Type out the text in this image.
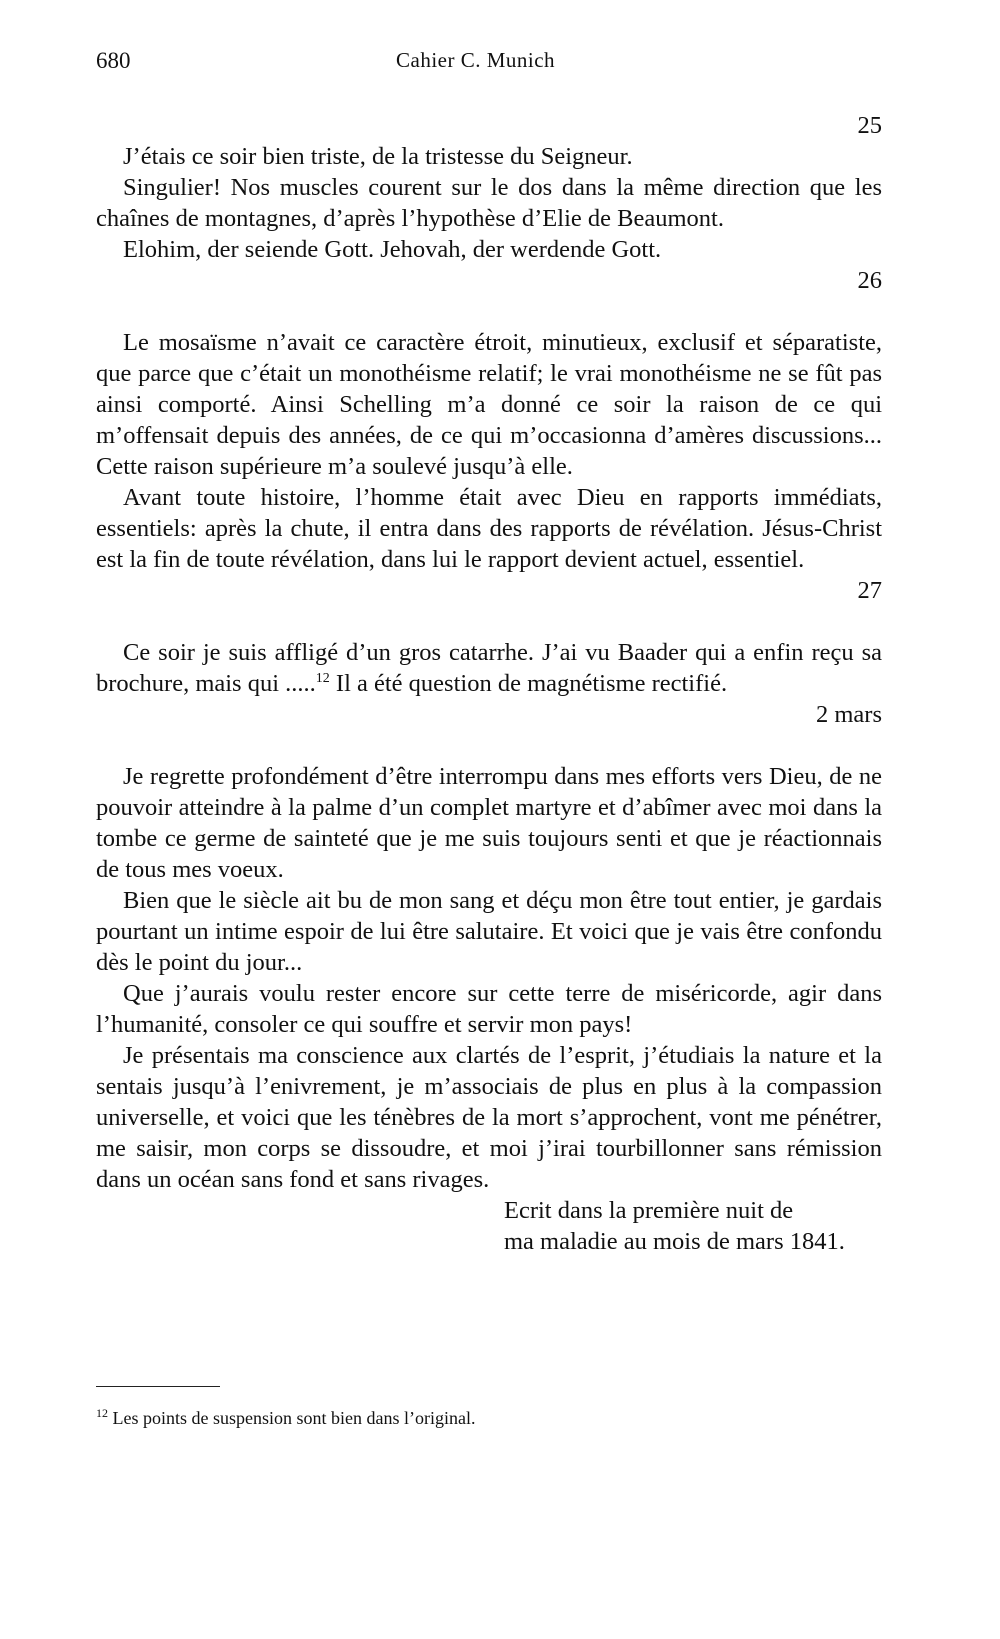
680	Cahier C. Munich
25

J’étais ce soir bien triste, de la tristesse du Seigneur.

Singulier! Nos muscles courent sur le dos dans la même direction que les chaînes de montagnes, d’après l’hypothèse d’Elie de Beaumont.

Elohim, der seiende Gott. Jehovah, der werdende Gott.

26

Le mosaïsme n’avait ce caractère étroit, minutieux, exclusif et séparatiste, que parce que c’était un monothéisme relatif; le vrai monothéisme ne se fût pas ainsi comporté. Ainsi Schelling m’a donné ce soir la raison de ce qui m’offensait depuis des années, de ce qui m’occasionna d’amères discussions... Cette raison supérieure m’a soulevé jusqu’à elle.

Avant toute histoire, l’homme était avec Dieu en rapports immédiats, essentiels: après la chute, il entra dans des rapports de révélation. Jésus-Christ est la fin de toute révélation, dans lui le rapport devient actuel, essentiel.

27

Ce soir je suis affligé d’un gros catarrhe. J’ai vu Baader qui a enfin reçu sa brochure, mais qui .....$^{12}$ Il a été question de magnétisme rectifié.

2 mars

Je regrette profondément d’être interrompu dans mes efforts vers Dieu, de ne pouvoir atteindre à la palme d’un complet martyre et d’abîmer avec moi dans la tombe ce germe de sainteté que je me suis toujours senti et que je réactionnais de tous mes voeux.

Bien que le siècle ait bu de mon sang et déçu mon être tout entier, je gardais pourtant un intime espoir de lui être salutaire. Et voici que je vais être confondu dès le point du jour...

Que j’aurais voulu rester encore sur cette terre de miséricorde, agir dans l’humanité, consoler ce qui souffre et servir mon pays!

Je présentais ma conscience aux clartés de l’esprit, j’étudiais la nature et la sentais jusqu’à l’enivrement, je m’associais de plus en plus à la compassion universelle, et voici que les ténèbres de la mort s’approchent, vont me pénétrer, me saisir, mon corps se dissoudre, et moi j’irai tourbillonner sans rémission dans un océan sans fond et sans rivages.

Ecrit dans la première nuit de

ma maladie au mois de mars 1841.

$^{12}$ Les points de suspension sont bien dans l’original.
